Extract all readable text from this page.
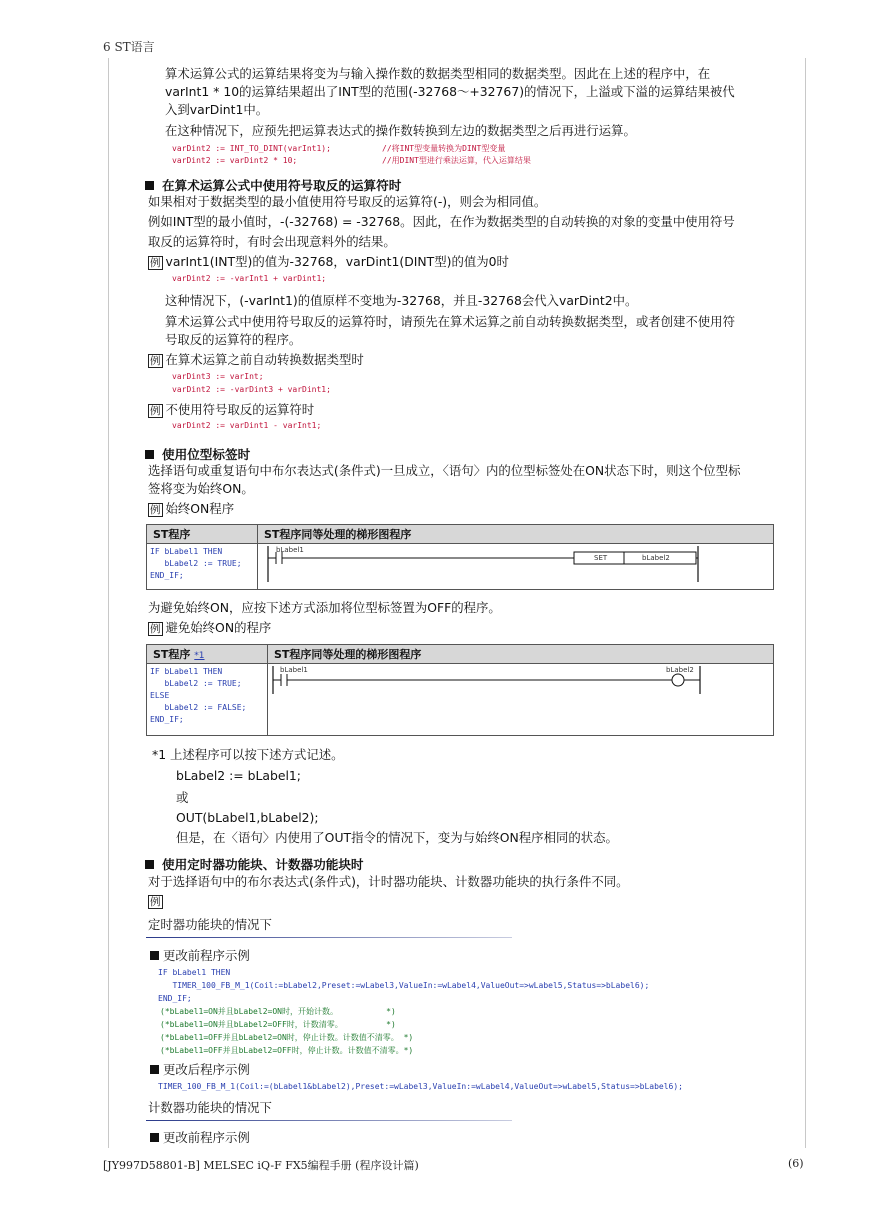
6 ST语言
算术运算公式的运算结果将变为与输入操作数的数据类型相同的数据类型。因此在上述的程序中，在
varInt1 * 10的运算结果超出了INT型的范围(-32768～+32767)的情况下，上溢或下溢的运算结果被代
入到varDint1中。
在这种情况下，应预先把运算表达式的操作数转换到左边的数据类型之后再进行运算。
varDint2 := INT_TO_DINT(varInt1);	//将INT型变量转换为DINT型变量
varDint2 := varDint2 * 10;	//用DINT型进行乘法运算，代入运算结果
在算术运算公式中使用符号取反的运算符时
如果相对于数据类型的最小值使用符号取反的运算符(-)，则会为相同值。
例如INT型的最小值时，-(-32768) = -32768。因此，在作为数据类型的自动转换的对象的变量中使用符号
取反的运算符时，有时会出现意料外的结果。
例 varInt1(INT型)的值为-32768，varDint1(DINT型)的值为0时
varDint2 := -varInt1 + varDint1;
这种情况下，(-varInt1)的值原样不变地为-32768，并且-32768会代入varDint2中。
算术运算公式中使用符号取反的运算符时，请预先在算术运算之前自动转换数据类型，或者创建不使用符
号取反的运算符的程序。
例 在算术运算之前自动转换数据类型时
varDint3 := varInt;
varDint2 := -varDint3 + varDint1;
例 不使用符号取反的运算符时
varDint2 := varDint1 - varInt1;
使用位型标签时
选择语句或重复语句中布尔表达式(条件式)一旦成立，〈语句〉内的位型标签处在ON状态下时，则这个位型标
签将变为始终ON。
例 始终ON程序
ST程序	ST程序同等处理的梯形图程序

IF bLabel1 THEN
bLabel2 := TRUE;
END_IF;	bLabel1
SET bLabel2
为避免始终ON，应按下述方式添加将位型标签置为OFF的程序。
例 避免始终ON的程序
ST程序 *1	ST程序同等处理的梯形图程序

IF bLabel1 THEN
bLabel2 := TRUE;
ELSE
bLabel2 := FALSE;
END_IF;	bLabel1 bLabel2
*1 上述程序可以按下述方式记述。
bLabel2 := bLabel1;
或
OUT(bLabel1,bLabel2);
但是，在〈语句〉内使用了OUT指令的情况下，变为与始终ON程序相同的状态。
使用定时器功能块、计数器功能块时
对于选择语句中的布尔表达式(条件式)，计时器功能块、计数器功能块的执行条件不同。
例
定时器功能块的情况下
更改前程序示例
IF bLabel1 THEN
TIMER_100_FB_M_1(Coil:=bLabel2,Preset:=wLabel3,ValueIn:=wLabel4,ValueOut=>wLabel5,Status=>bLabel6);
END_IF;
(*bLabel1=ON并且bLabel2=ON时，开始计数。          *)
(*bLabel1=ON并且bLabel2=OFF时，计数清零。         *)
(*bLabel1=OFF并且bLabel2=ON时，停止计数。计数值不清零。 *)
(*bLabel1=OFF并且bLabel2=OFF时，停止计数。计数值不清零。*)
更改后程序示例
TIMER_100_FB_M_1(Coil:=(bLabel1&bLabel2),Preset:=wLabel3,ValueIn:=wLabel4,ValueOut=>wLabel5,Status=>bLabel6);
计数器功能块的情况下
更改前程序示例
[JY997D58801-B] MELSEC iQ-F FX5编程手册 (程序设计篇)	(6)
